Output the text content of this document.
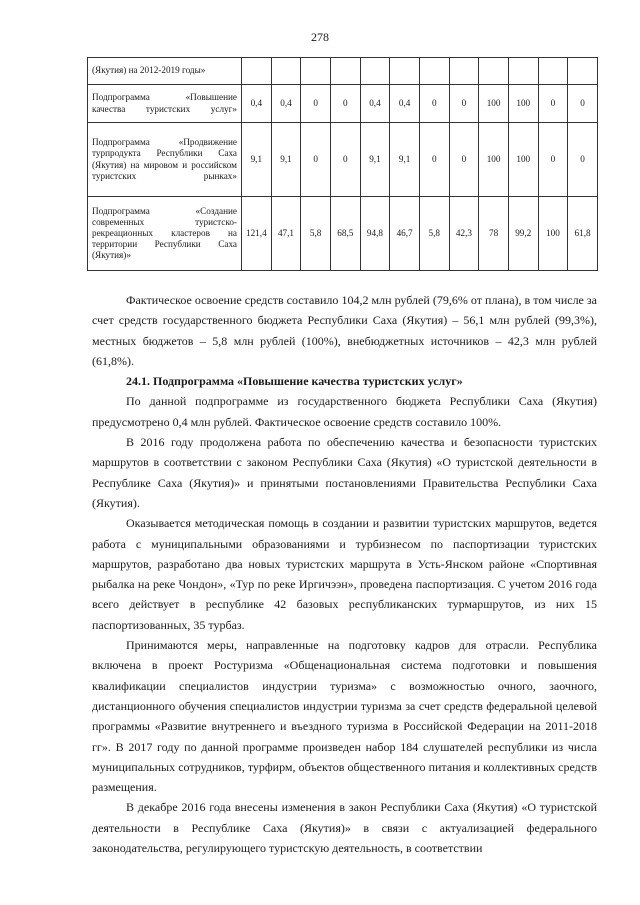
278
(Якутия) на 2012-2019 годы»												
Подпрограмма «Повышение качества туристских услуг»	0,4	0,4	0	0	0,4	0,4	0	0	100	100	0	0
Подпрограмма «Продвижение турпродукта Республики Саха (Якутия) на мировом и российском туристских рынках»	9,1	9,1	0	0	9,1	9,1	0	0	100	100	0	0
Подпрограмма «Создание современных туристско-рекреационных кластеров на территории Республики Саха (Якутия)»	121,4	47,1	5,8	68,5	94,8	46,7	5,8	42,3	78	99,2	100	61,8

Фактическое освоение средств составило 104,2 млн рублей (79,6% от плана), в том числе за счет средств государственного бюджета Республики Саха (Якутия) – 56,1 млн рублей (99,3%), местных бюджетов – 5,8 млн рублей (100%), внебюджетных источников – 42,3 млн рублей (61,8%).

24.1. Подпрограмма «Повышение качества туристских услуг»

По данной подпрограмме из государственного бюджета Республики Саха (Якутия) предусмотрено 0,4 млн рублей. Фактическое освоение средств составило 100%.

В 2016 году продолжена работа по обеспечению качества и безопасности туристских маршрутов в соответствии с законом Республики Саха (Якутия) «О туристской деятельности в Республике Саха (Якутия)» и принятыми постановлениями Правительства Республики Саха (Якутия).

Оказывается методическая помощь в создании и развитии туристских маршрутов, ведется работа с муниципальными образованиями и турбизнесом по паспортизации туристских маршрутов, разработано два новых туристских маршрута в Усть-Янском районе «Спортивная рыбалка на реке Чондон», «Тур по реке Иргичээн», проведена паспортизация. С учетом 2016 года всего действует в республике 42 базовых республиканских турмаршрутов, из них 15 паспортизованных, 35 турбаз.

Принимаются меры, направленные на подготовку кадров для отрасли. Республика включена в проект Ростуризма «Общенациональная система подготовки и повышения квалификации специалистов индустрии туризма» с возможностью очного, заочного, дистанционного обучения специалистов индустрии туризма за счет средств федеральной целевой программы «Развитие внутреннего и въездного туризма в Российской Федерации на 2011-2018 гг». В 2017 году по данной программе произведен набор 184 слушателей республики из числа муниципальных сотрудников, турфирм, объектов общественного питания и коллективных средств размещения.

В декабре 2016 года внесены изменения в закон Республики Саха (Якутия) «О туристской деятельности в Республике Саха (Якутия)» в связи с актуализацией федерального законодательства, регулирующего туристскую деятельность, в соответствии
